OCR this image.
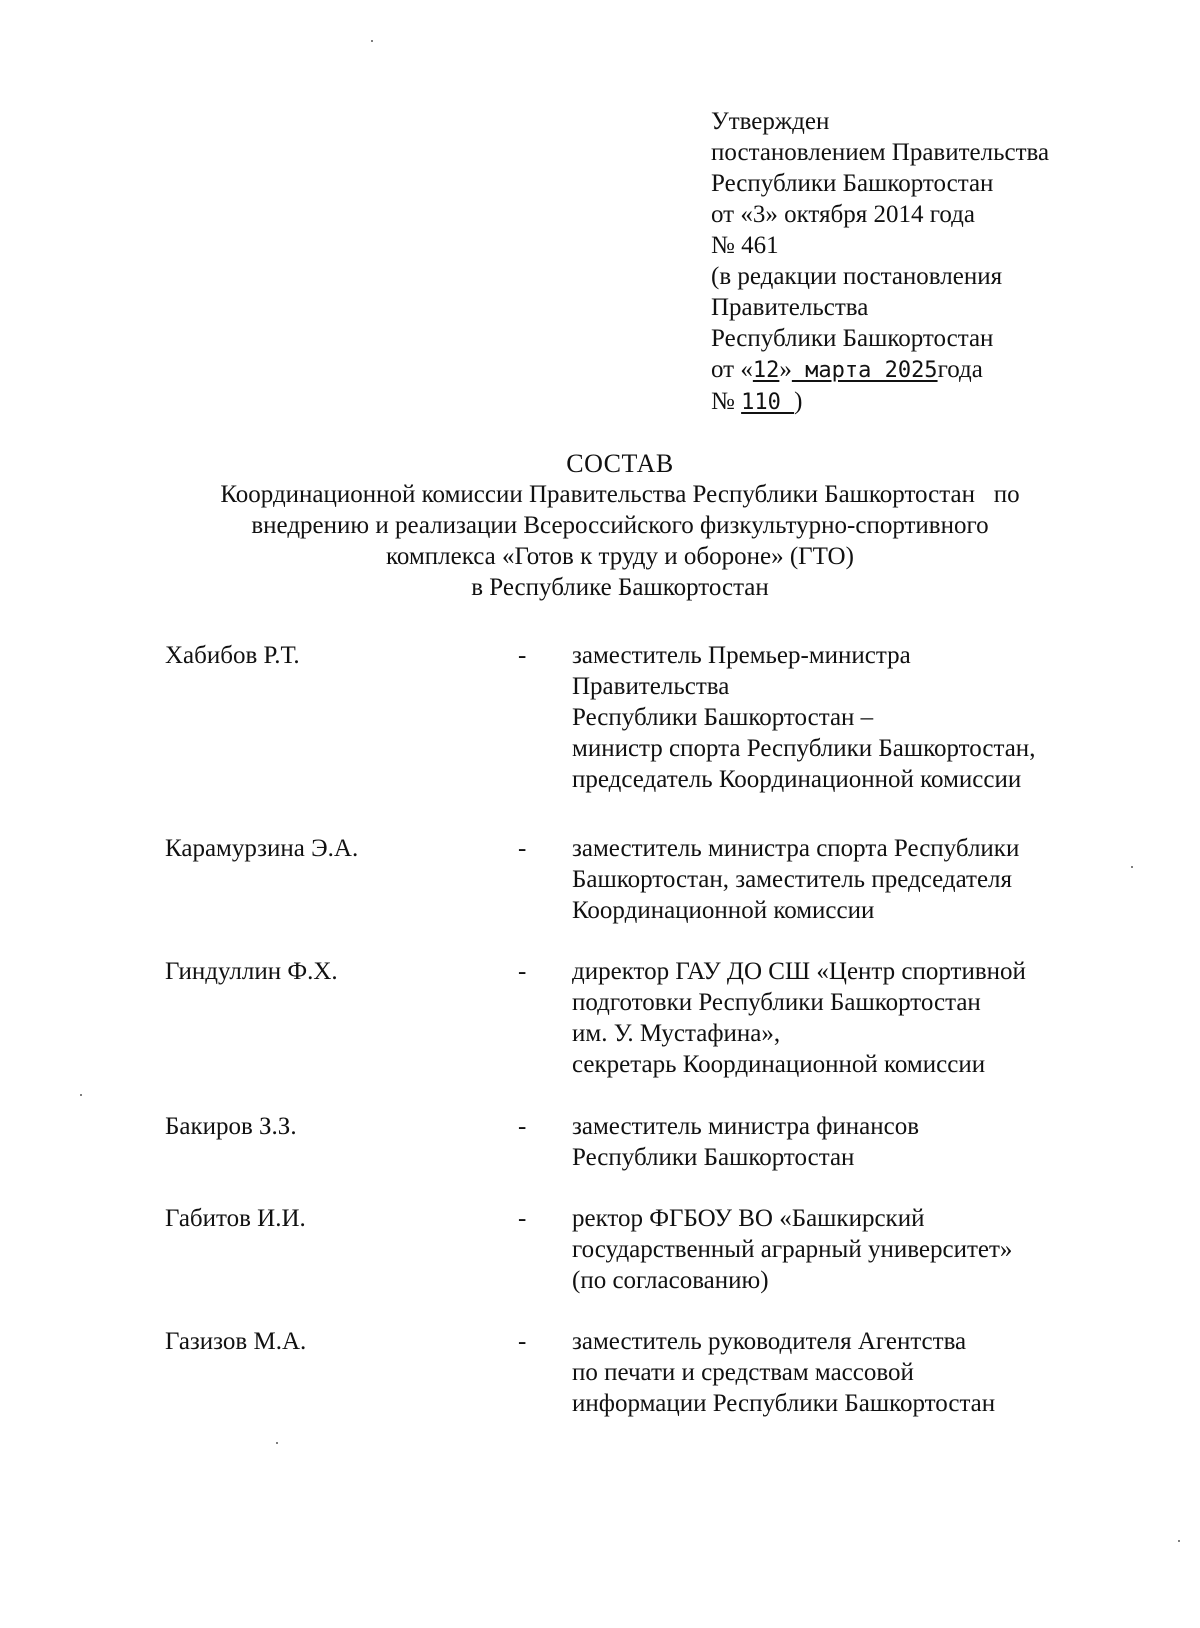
Утвержден
постановлением Правительства
Республики Башкортостан
от «3» октября 2014 года
№ 461
(в редакции постановления
Правительства
Республики Башкортостан
от «12» марта 2025года
№ 110 )
СОСТАВ
Координационной комиссии Правительства Республики Башкортостан   по
внедрению и реализации Всероссийского физкультурно-спортивного
комплекса «Готов к труду и обороне» (ГТО)
в Республике Башкортостан
Хабибов Р.Т.	- заместитель Премьер-министра
Правительства
Республики Башкортостан –
министр спорта Республики Башкортостан,
председатель Координационной комиссии
Карамурзина Э.А.	- заместитель министра спорта Республики
Башкортостан, заместитель председателя
Координационной комиссии
Гиндуллин Ф.Х.	- директор ГАУ ДО СШ «Центр спортивной
подготовки Республики Башкортостан
им. У. Мустафина»,
секретарь Координационной комиссии
Бакиров З.З.	- заместитель министра финансов
Республики Башкортостан
Габитов И.И.	- ректор ФГБОУ ВО «Башкирский
государственный аграрный университет»
(по согласованию)
Газизов М.А.	- заместитель руководителя Агентства
по печати и средствам массовой
информации Республики Башкортостан
